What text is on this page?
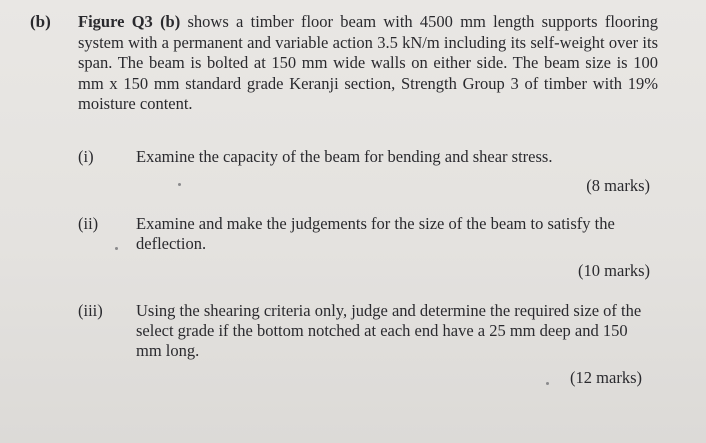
(b) Figure Q3 (b) shows a timber floor beam with 4500 mm length supports flooring system with a permanent and variable action 3.5 kN/m including its self-weight over its span. The beam is bolted at 150 mm wide walls on either side. The beam size is 100 mm x 150 mm standard grade Keranji section, Strength Group 3 of timber with 19% moisture content.
(i)	Examine the capacity of the beam for bending and shear stress.
(8 marks)
(ii) Examine and make the judgements for the size of the beam to satisfy the deflection.
(10 marks)
(iii) Using the shearing criteria only, judge and determine the required size of the select grade if the bottom notched at each end have a 25 mm deep and 150 mm long.
(12 marks)
